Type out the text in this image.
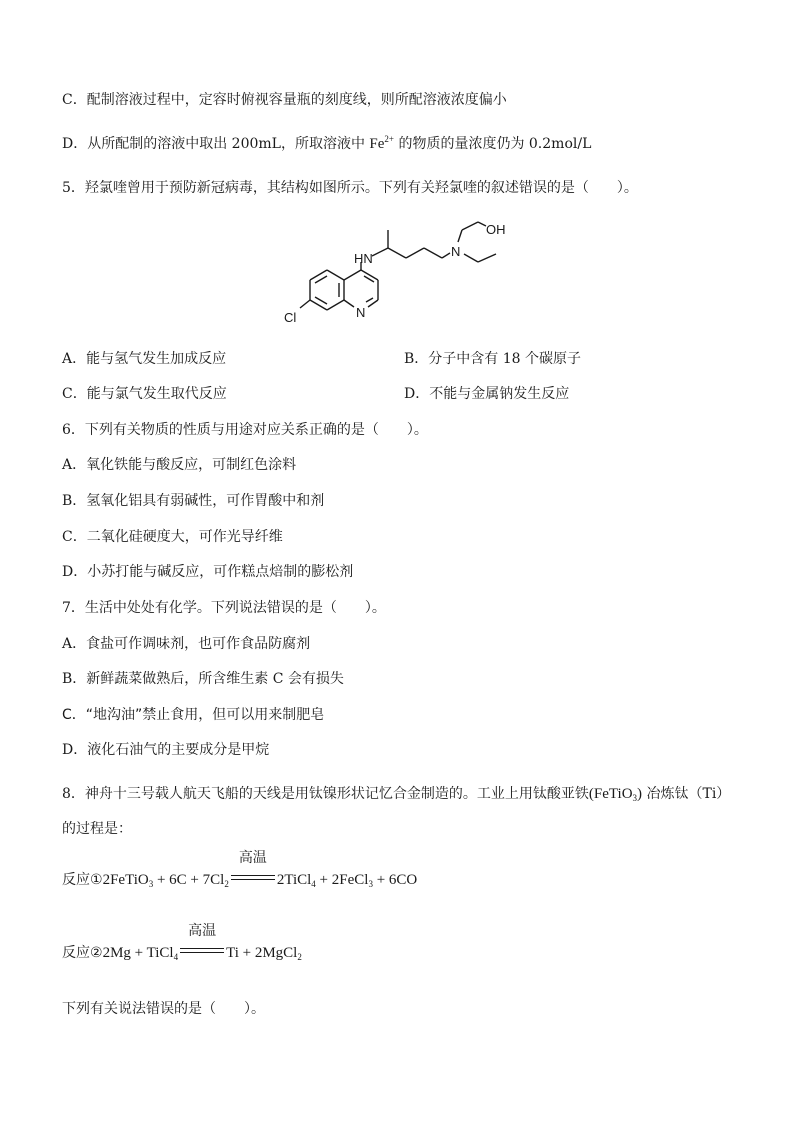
C．配制溶液过程中，定容时俯视容量瓶的刻度线，则所配溶液浓度偏小
D．从所配制的溶液中取出 200mL，所取溶液中 $Fe^{2+}$ 的物质的量浓度仍为 0.2mol/L
5．羟氯喹曾用于预防新冠病毒，其结构如图所示。下列有关羟氯喹的叙述错误的是（　　）。
OH
N
HN
Cl	N
A．能与氢气发生加成反应	B．分子中含有 18 个碳原子
C．能与氯气发生取代反应	D．不能与金属钠发生反应
6．下列有关物质的性质与用途对应关系正确的是（　　）。
A．氧化铁能与酸反应，可制红色涂料
B．氢氧化铝具有弱碱性，可作胃酸中和剂
C．二氧化硅硬度大，可作光导纤维
D．小苏打能与碱反应，可作糕点焙制的膨松剂
7．生活中处处有化学。下列说法错误的是（　　）。
A．食盐可作调味剂，也可作食品防腐剂
B．新鲜蔬菜做熟后，所含维生素 C 会有损失
C．“地沟油”禁止食用，但可以用来制肥皂
D．液化石油气的主要成分是甲烷
8．神舟十三号载人航天飞船的天线是用钛镍形状记忆合金制造的。工业上用钛酸亚铁(FeTiO$_3$) 冶炼钛（Ti）
的过程是：
反应①2FeTiO$_3$ + $6C + 7Cl_2$
高温
2TiCl$_4$ + 2FeCl$_3$ + 6CO
反应②2Mg + TiCl$_4$
高温
Ti + 2MgCl$_2$
下列有关说法错误的是（　　）。
